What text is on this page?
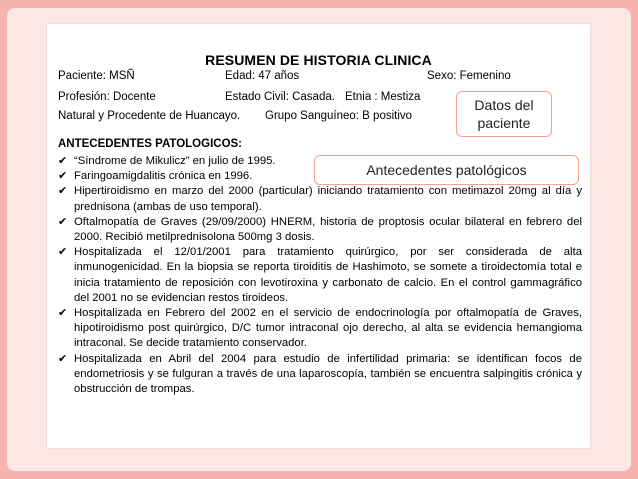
RESUMEN DE HISTORIA CLINICA
Paciente: MSÑ	Edad: 47 años	Sexo: Femenino
Profesión: Docente	Estado Civil: Casada. Etnia : Mestiza
Natural y Procedente de Huancayo. Grupo Sanguíneo: B positivo
ANTECEDENTES PATOLOGICOS:
✔ “Síndrome de Mikulicz” en julio de 1995.
✔ Faringoamigdalitis crónica en 1996.
✔ Hipertiroidismo en marzo del 2000 (particular) iniciando tratamiento con metimazol 20mg al día y prednisona (ambas de uso temporal).
✔ Oftalmopatía de Graves (29/09/2000) HNERM, historia de proptosis ocular bilateral en febrero del 2000. Recibió metilprednisolona 500mg 3 dosis.
✔ Hospitalizada el 12/01/2001 para tratamiento quirúrgico, por ser considerada de alta inmunogenicidad. En la biopsia se reporta tiroiditis de Hashimoto, se somete a tiroidectomía total e inicia tratamiento de reposición con levotiroxina y carbonato de calcio. En el control gammagráfico del 2001 no se evidencian restos tiroideos.
✔ Hospitalizada en Febrero del 2002 en el servicio de endocrinología por oftalmopatía de Graves, hipotiroidismo post quirúrgico, D/C tumor intraconal ojo derecho, al alta se evidencia hemangioma intraconal. Se decide tratamiento conservador.
✔ Hospitalizada en Abril del 2004 para estudio de infertilidad primaria: se identifican focos de endometriosis y se fulguran a través de una laparoscopía, también se encuentra salpingitis crónica y obstrucción de trompas.
Datos del paciente
Antecedentes patológicos
